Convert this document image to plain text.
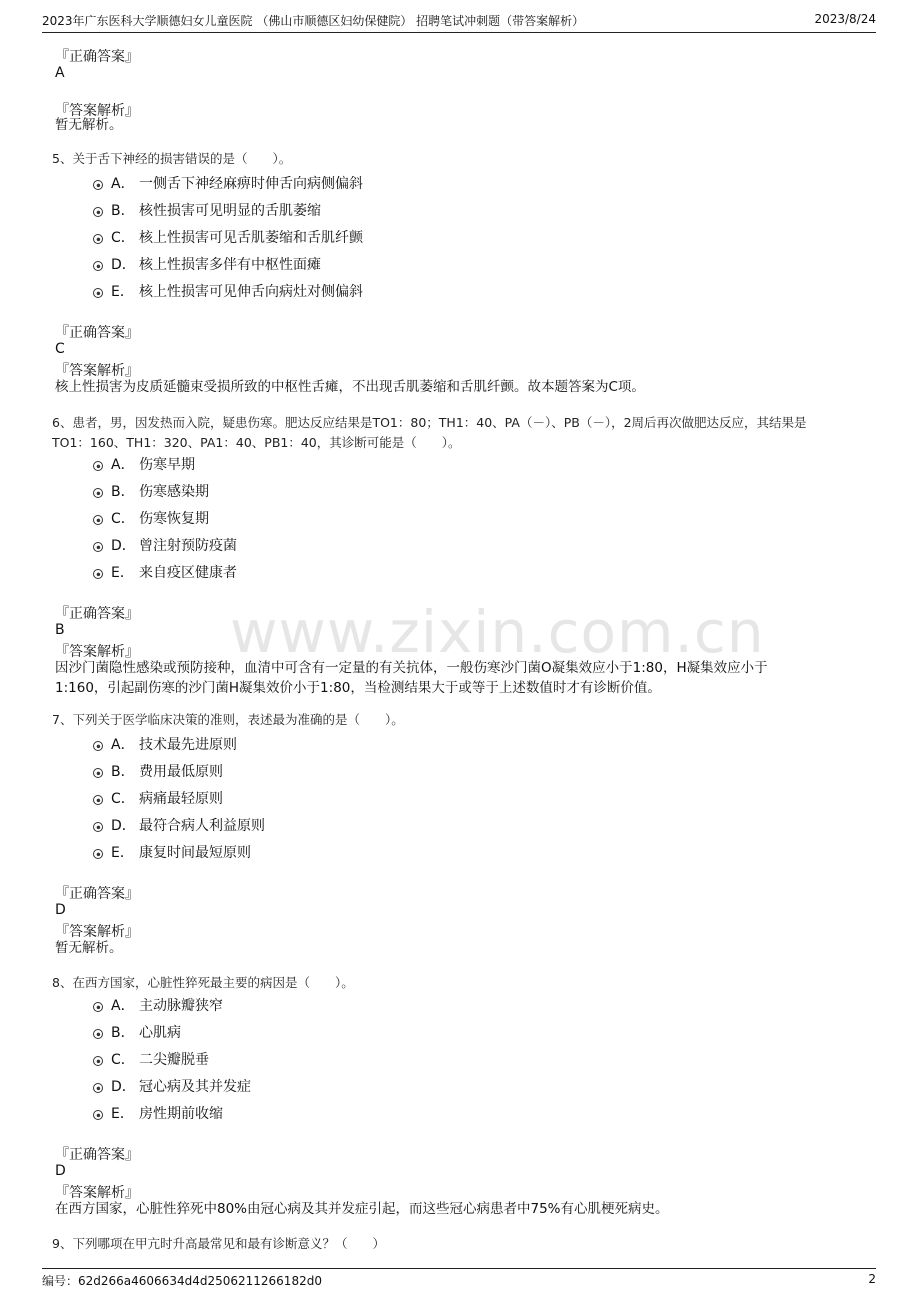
2023年广东医科大学顺德妇女儿童医院 （佛山市顺德区妇幼保健院） 招聘笔试冲刺题（带答案解析）	2023/8/24
www.zixin.com.cn
『正确答案』
A
『答案解析』
暂无解析。
5、关于舌下神经的损害错误的是（　　）。
A． 一侧舌下神经麻痹时伸舌向病侧偏斜
B． 核性损害可见明显的舌肌萎缩
C． 核上性损害可见舌肌萎缩和舌肌纤颤
D． 核上性损害多伴有中枢性面瘫
E． 核上性损害可见伸舌向病灶对侧偏斜
『正确答案』
C
『答案解析』
核上性损害为皮质延髓束受损所致的中枢性舌瘫，不出现舌肌萎缩和舌肌纤颤。故本题答案为C项。
6、患者，男，因发热而入院，疑患伤寒。肥达反应结果是TO1：80；TH1：40、PA（－）、PB（－），2周后再次做肥达反应，其结果是
TO1：160、TH1：320、PA1：40、PB1：40，其诊断可能是（　　）。
A． 伤寒早期
B． 伤寒感染期
C． 伤寒恢复期
D． 曾注射预防疫菌
E． 来自疫区健康者
『正确答案』
B
『答案解析』
因沙门菌隐性感染或预防接种，血清中可含有一定量的有关抗体，一般伤寒沙门菌O凝集效应小于1:80，H凝集效应小于
1:160，引起副伤寒的沙门菌H凝集效价小于1:80，当检测结果大于或等于上述数值时才有诊断价值。
7、下列关于医学临床决策的准则，表述最为准确的是（　　）。
A． 技术最先进原则
B． 费用最低原则
C． 病痛最轻原则
D． 最符合病人利益原则
E． 康复时间最短原则
『正确答案』
D
『答案解析』
暂无解析。
8、在西方国家，心脏性猝死最主要的病因是（　　）。
A． 主动脉瓣狭窄
B． 心肌病
C． 二尖瓣脱垂
D． 冠心病及其并发症
E． 房性期前收缩
『正确答案』
D
『答案解析』
在西方国家，心脏性猝死中80%由冠心病及其并发症引起，而这些冠心病患者中75%有心肌梗死病史。
9、下列哪项在甲亢时升高最常见和最有诊断意义？（　　）
编号：62d266a4606634d4d2506211266182d0	2
